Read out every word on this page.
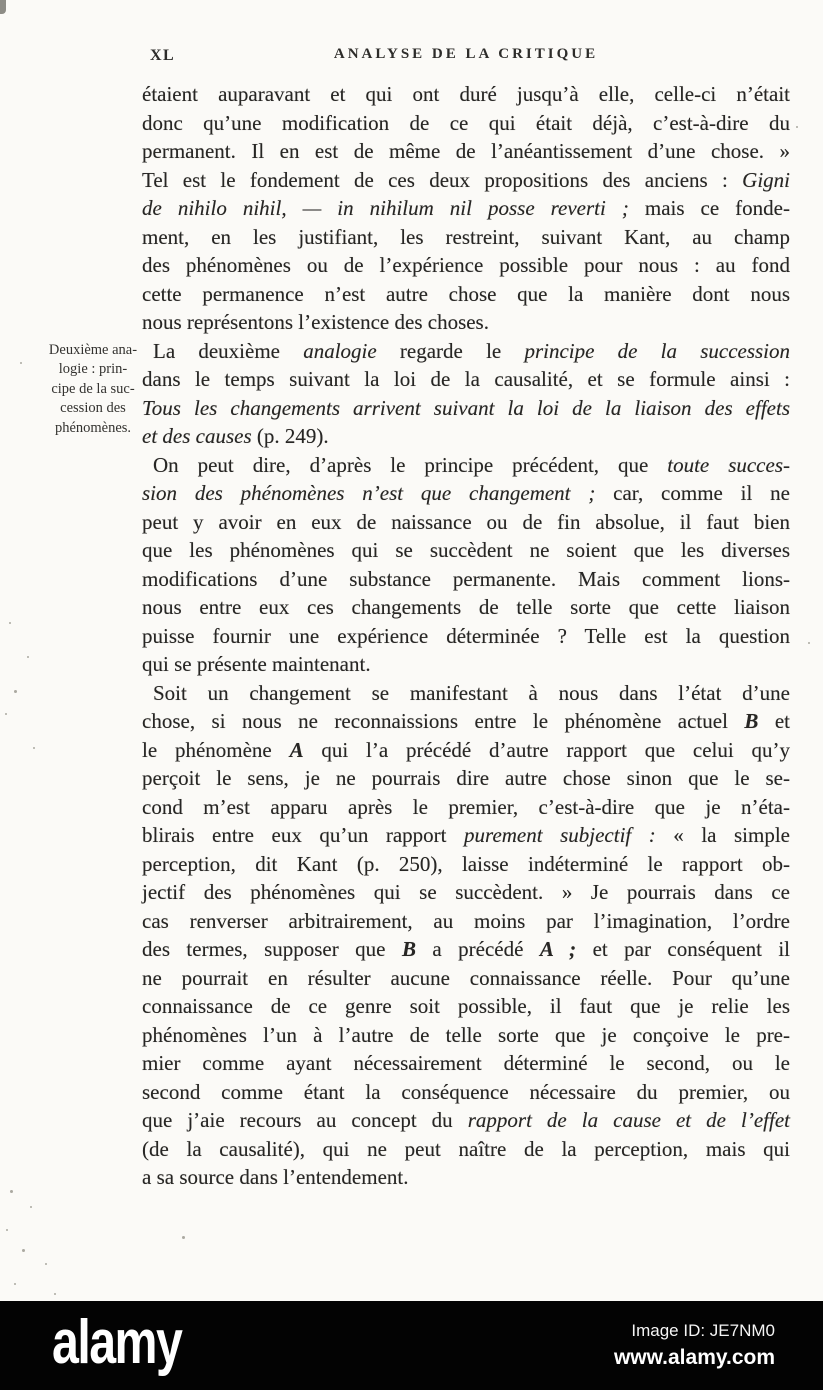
XL	ANALYSE DE LA CRITIQUE
Deuxième ana-
logie : prin-
cipe de la suc-
cession des
phénomènes.
étaient auparavant et qui ont duré jusqu’à elle, celle-ci n’était
donc qu’une modification de ce qui était déjà, c’est-à-dire du
permanent. Il en est de même de l’anéantissement d’une chose. »
Tel est le fondement de ces deux propositions des anciens : Gigni
de nihilo nihil, — in nihilum nil posse reverti ; mais ce fonde-
ment, en les justifiant, les restreint, suivant Kant, au champ
des phénomènes ou de l’expérience possible pour nous : au fond
cette permanence n’est autre chose que la manière dont nous
nous représentons l’existence des choses.
La deuxième analogie regarde le principe de la succession
dans le temps suivant la loi de la causalité, et se formule ainsi :
Tous les changements arrivent suivant la loi de la liaison des effets
et des causes (p. 249).
On peut dire, d’après le principe précédent, que toute succes-
sion des phénomènes n’est que changement ; car, comme il ne
peut y avoir en eux de naissance ou de fin absolue, il faut bien
que les phénomènes qui se succèdent ne soient que les diverses
modifications d’une substance permanente. Mais comment lions-
nous entre eux ces changements de telle sorte que cette liaison
puisse fournir une expérience déterminée ? Telle est la question
qui se présente maintenant.
Soit un changement se manifestant à nous dans l’état d’une
chose, si nous ne reconnaissions entre le phénomène actuel B et
le phénomène A qui l’a précédé d’autre rapport que celui qu’y
perçoit le sens, je ne pourrais dire autre chose sinon que le se-
cond m’est apparu après le premier, c’est-à-dire que je n’éta-
blirais entre eux qu’un rapport purement subjectif : « la simple
perception, dit Kant (p. 250), laisse indéterminé le rapport ob-
jectif des phénomènes qui se succèdent. » Je pourrais dans ce
cas renverser arbitrairement, au moins par l’imagination, l’ordre
des termes, supposer que B a précédé A ; et par conséquent il
ne pourrait en résulter aucune connaissance réelle. Pour qu’une
connaissance de ce genre soit possible, il faut que je relie les
phénomènes l’un à l’autre de telle sorte que je conçoive le pre-
mier comme ayant nécessairement déterminé le second, ou le
second comme étant la conséquence nécessaire du premier, ou
que j’aie recours au concept du rapport de la cause et de l’effet
(de la causalité), qui ne peut naître de la perception, mais qui
a sa source dans l’entendement.
alamy	Image ID: JE7NM0
www.alamy.com
